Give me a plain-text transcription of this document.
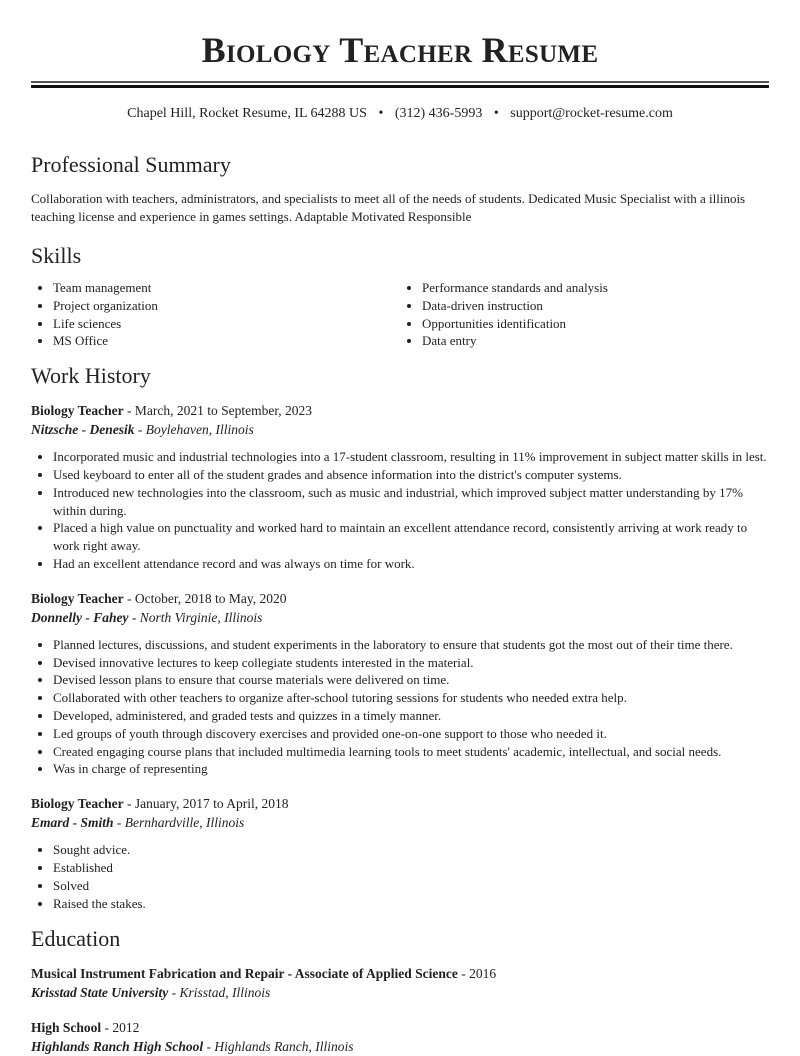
Biology Teacher Resume
Chapel Hill, Rocket Resume, IL 64288 US • (312) 436-5993 • support@rocket-resume.com
Professional Summary
Collaboration with teachers, administrators, and specialists to meet all of the needs of students. Dedicated Music Specialist with a illinois teaching license and experience in games settings. Adaptable Motivated Responsible
Skills
• Team management
• Project organization
• Life sciences
• MS Office
• Performance standards and analysis
• Data-driven instruction
• Opportunities identification
• Data entry
Work History
Biology Teacher - March, 2021 to September, 2023
Nitzsche - Denesik - Boylehaven, Illinois
• Incorporated music and industrial technologies into a 17-student classroom, resulting in 11% improvement in subject matter skills in lest.
• Used keyboard to enter all of the student grades and absence information into the district's computer systems.
• Introduced new technologies into the classroom, such as music and industrial, which improved subject matter understanding by 17% within during.
• Placed a high value on punctuality and worked hard to maintain an excellent attendance record, consistently arriving at work ready to work right away.
• Had an excellent attendance record and was always on time for work.
Biology Teacher - October, 2018 to May, 2020
Donnelly - Fahey - North Virginie, Illinois
• Planned lectures, discussions, and student experiments in the laboratory to ensure that students got the most out of their time there.
• Devised innovative lectures to keep collegiate students interested in the material.
• Devised lesson plans to ensure that course materials were delivered on time.
• Collaborated with other teachers to organize after-school tutoring sessions for students who needed extra help.
• Developed, administered, and graded tests and quizzes in a timely manner.
• Led groups of youth through discovery exercises and provided one-on-one support to those who needed it.
• Created engaging course plans that included multimedia learning tools to meet students' academic, intellectual, and social needs.
• Was in charge of representing
Biology Teacher - January, 2017 to April, 2018
Emard - Smith - Bernhardville, Illinois
• Sought advice.
• Established
• Solved
• Raised the stakes.
Education
Musical Instrument Fabrication and Repair - Associate of Applied Science - 2016
Krisstad State University - Krisstad, Illinois
High School - 2012
Highlands Ranch High School - Highlands Ranch, Illinois
